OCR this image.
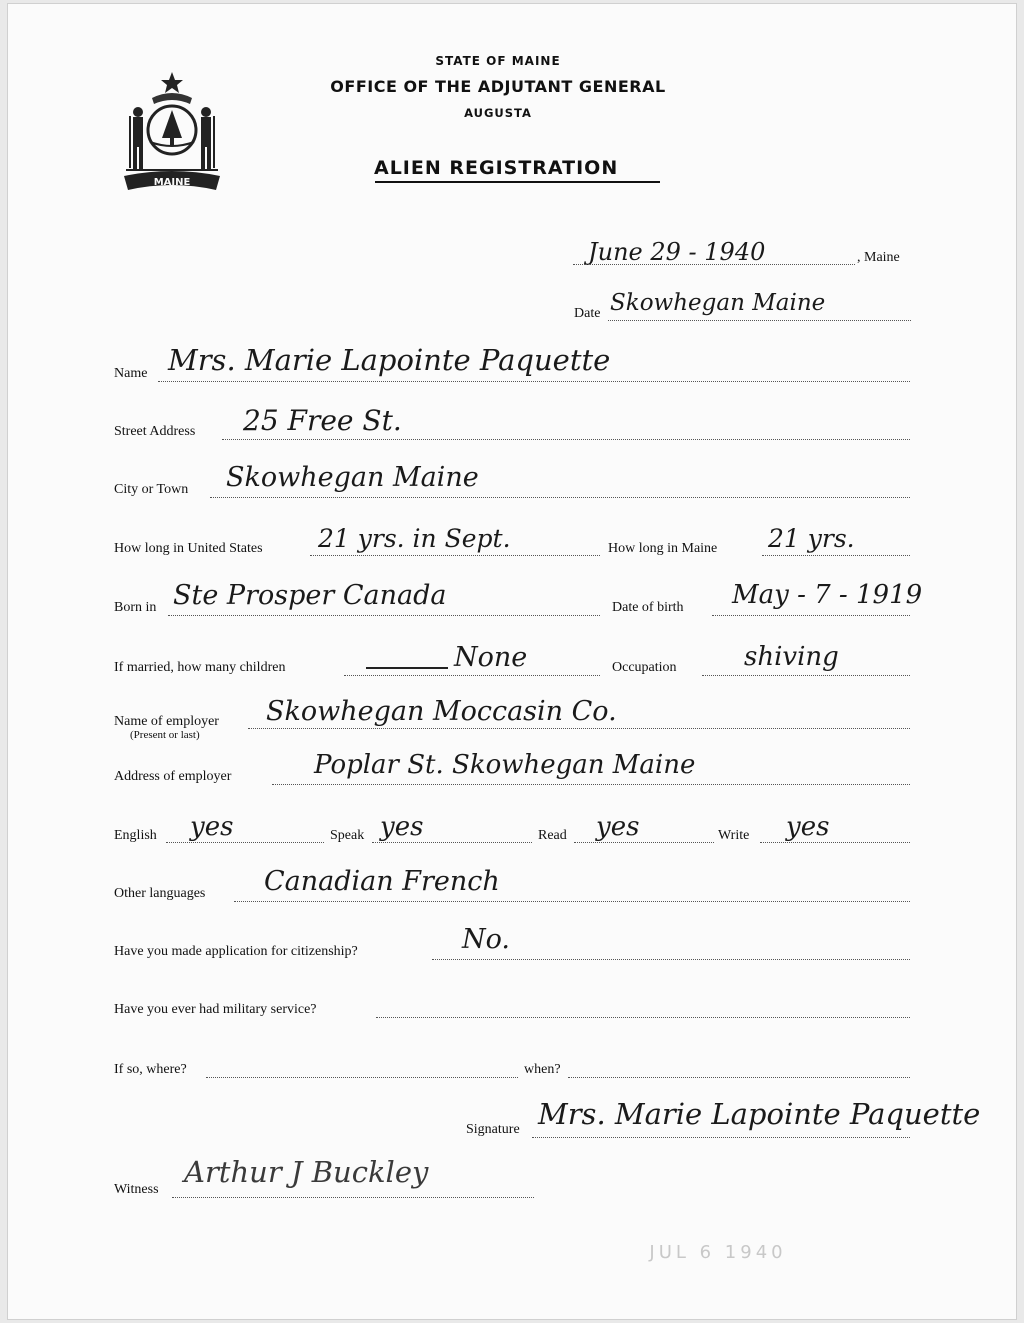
MAINE
STATE OF MAINE
OFFICE OF THE ADJUTANT GENERAL
AUGUSTA
ALIEN REGISTRATION
June 29 - 1940	, Maine
Date Skowhegan Maine
Name Mrs. Marie Lapointe Paquette
Street Address 25 Free St.
City or Town Skowhegan Maine
How long in United States 21 yrs. in Sept.	How long in Maine 21 yrs.
Born in Ste Prosper Canada	Date of birth May - 7 - 1919
If married, how many children	None	Occupation	shiving
Name of employer
(Present or last)
Skowhegan Moccasin Co.
Address of employer	Poplar St. Skowhegan Maine
English yes	Speak yes	Read yes	Write yes
Other languages Canadian French
Have you made application for citizenship?	No.
Have you ever had military service?
If so, where?	when?
Signature Mrs. Marie Lapointe Paquette
Witness
Arthur J Buckley
JUL 6 1940
